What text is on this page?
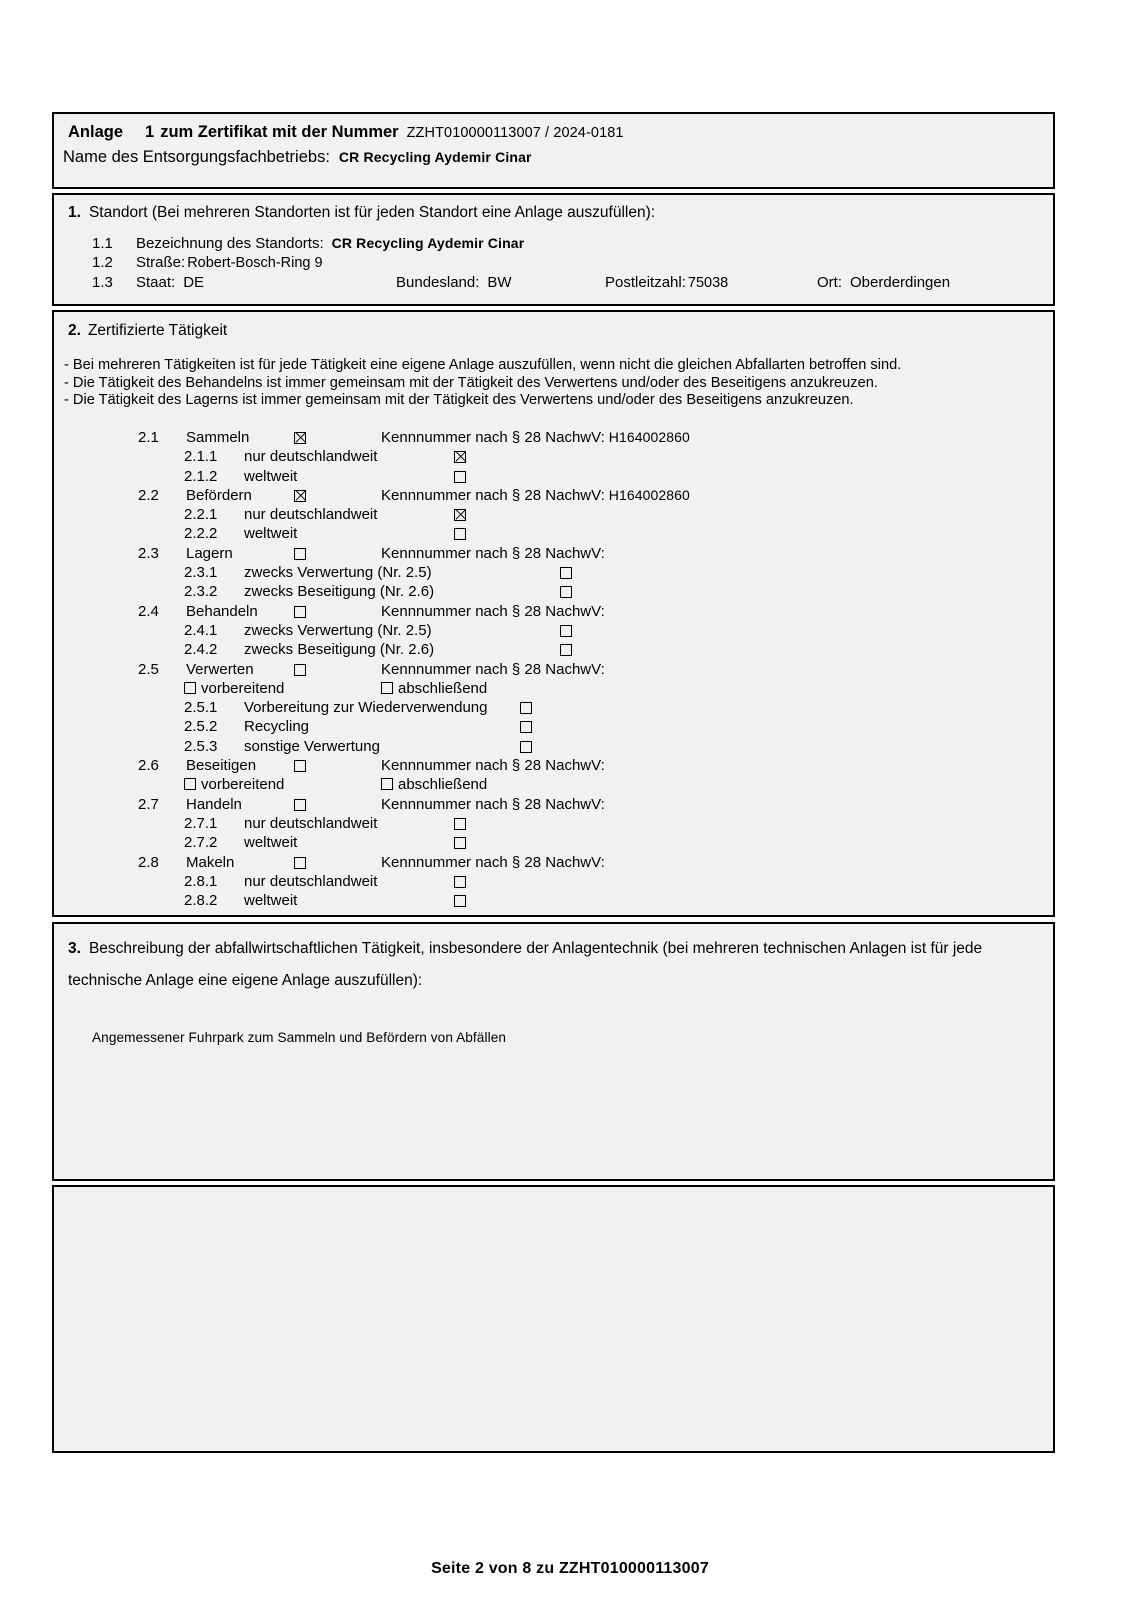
Anlage 1 zum Zertifikat mit der Nummer ZZHT010000113007 / 2024-0181
Name des Entsorgungsfachbetriebs: CR Recycling Aydemir Cinar
1. Standort (Bei mehreren Standorten ist für jeden Standort eine Anlage auszufüllen):
1.1 Bezeichnung des Standorts: CR Recycling Aydemir Cinar
1.2 Straße: Robert-Bosch-Ring 9
1.3 Staat: DE	Bundesland: BW	Postleitzahl: 75038	Ort: Oberderdingen
2. Zertifizierte Tätigkeit
- Bei mehreren Tätigkeiten ist für jede Tätigkeit eine eigene Anlage auszufüllen, wenn nicht die gleichen Abfallarten betroffen sind.
- Die Tätigkeit des Behandelns ist immer gemeinsam mit der Tätigkeit des Verwertens und/oder des Beseitigens anzukreuzen.
- Die Tätigkeit des Lagerns ist immer gemeinsam mit der Tätigkeit des Verwertens und/oder des Beseitigens anzukreuzen.
2.1	Sammeln	Kennnummer nach § 28 NachwV: H164002860
2.1.1	nur deutschlandweit
2.1.2	weltweit
2.2	Befördern	Kennnummer nach § 28 NachwV: H164002860
2.2.1	nur deutschlandweit
2.2.2	weltweit
2.3	Lagern	Kennnummer nach § 28 NachwV:
2.3.1	zwecks Verwertung (Nr. 2.5)
2.3.2	zwecks Beseitigung (Nr. 2.6)
2.4	Behandeln	Kennnummer nach § 28 NachwV:
2.4.1	zwecks Verwertung (Nr. 2.5)
2.4.2	zwecks Beseitigung (Nr. 2.6)
2.5	Verwerten	Kennnummer nach § 28 NachwV:
vorbereitend	abschließend
2.5.1	Vorbereitung zur Wiederverwendung
2.5.2	Recycling
2.5.3	sonstige Verwertung
2.6	Beseitigen	Kennnummer nach § 28 NachwV:
vorbereitend	abschließend
2.7	Handeln	Kennnummer nach § 28 NachwV:
2.7.1	nur deutschlandweit
2.7.2	weltweit
2.8	Makeln	Kennnummer nach § 28 NachwV:
2.8.1	nur deutschlandweit
2.8.2	weltweit
3. Beschreibung der abfallwirtschaftlichen Tätigkeit, insbesondere der Anlagentechnik (bei mehreren technischen Anlagen ist für jede technische Anlage eine eigene Anlage auszufüllen):
Angemessener Fuhrpark zum Sammeln und Befördern von Abfällen
Seite 2 von 8 zu ZZHT010000113007
